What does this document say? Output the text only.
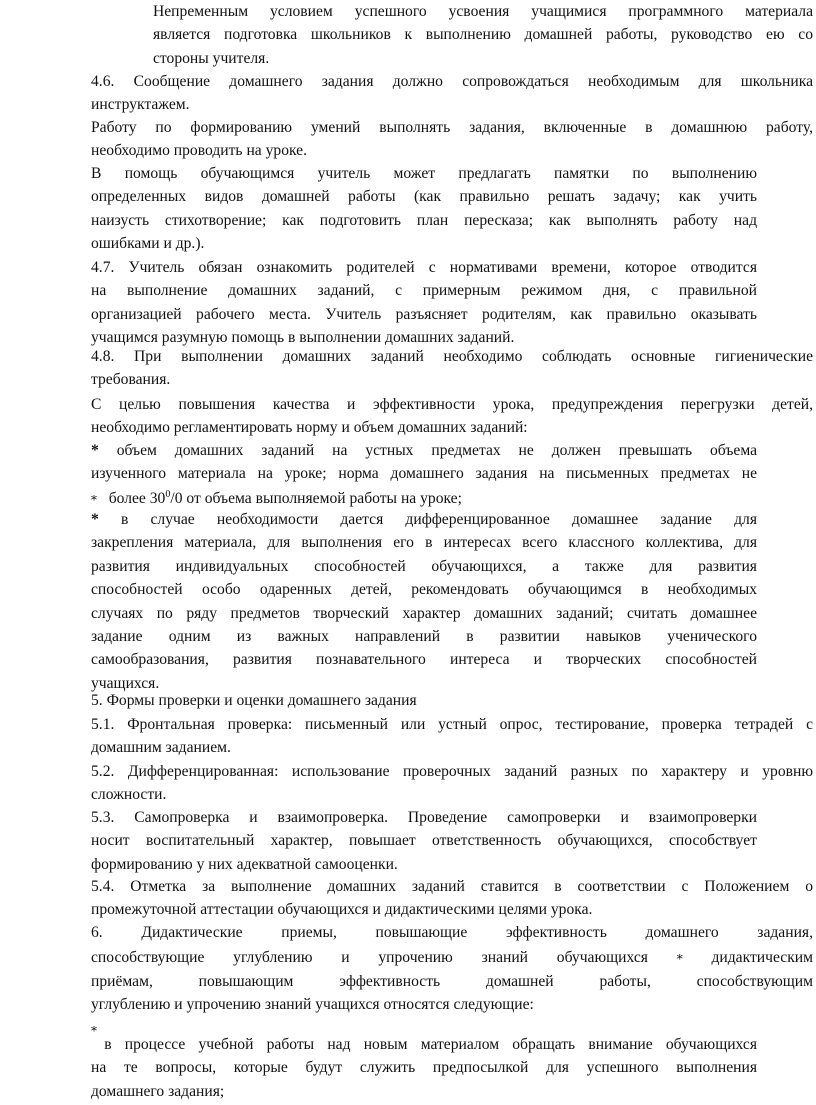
Непременным условием успешного усвоения учащимися программного материала
является подготовка школьников к выполнению домашней работы, руководство ею со
стороны учителя.
4.6. Сообщение домашнего задания должно сопровождаться необходимым для школьника
инструктажем.
Работу по формированию умений выполнять задания, включенные в домашнюю работу,
необходимо проводить на уроке.
В помощь обучающимся учитель может предлагать памятки по выполнению
определенных видов домашней работы (как правильно решать задачу; как учить
наизусть стихотворение; как подготовить план пересказа; как выполнять работу над
ошибками и др.).
4.7. Учитель обязан ознакомить родителей с нормативами времени, которое отводится
на выполнение домашних заданий, с примерным режимом дня, с правильной
организацией рабочего места. Учитель разъясняет родителям, как правильно оказывать
учащимся разумную помощь в выполнении домашних заданий.
4.8. При выполнении домашних заданий необходимо соблюдать основные гигиенические
требования.
С целью повышения качества и эффективности урока, предупреждения перегрузки детей,
необходимо регламентировать норму и объем домашних заданий:
* объем домашних заданий на устных предметах не должен превышать объема
изученного материала на уроке; норма домашнего задания на письменных предметах не
⁎ более $30^0/0$ от объема выполняемой работы на уроке;
* в случае необходимости дается дифференцированное домашнее задание для
закрепления материала, для выполнения его в интересах всего классного коллектива, для
развития индивидуальных способностей обучающихся, а также для развития
способностей особо одаренных детей, рекомендовать обучающимся в необходимых
случаях по ряду предметов творческий характер домашних заданий; считать домашнее
задание одним из важных направлений в развитии навыков ученического
самообразования, развития познавательного интереса и творческих способностей
учащихся.
5. Формы проверки и оценки домашнего задания
5.1. Фронтальная проверка: письменный или устный опрос, тестирование, проверка тетрадей с
домашним заданием.
5.2. Дифференцированная: использование проверочных заданий разных по характеру и уровню
сложности.
5.3. Самопроверка и взаимопроверка. Проведение самопроверки и взаимопроверки
носит воспитательный характер, повышает ответственность обучающихся, способствует
формированию у них адекватной самооценки.
5.4. Отметка за выполнение домашних заданий ставится в соответствии с Положением о
промежуточной аттестации обучающихся и дидактическими целями урока.
6. Дидактические приемы, повышающие эффективность домашнего задания,
способствующие углублению и упрочению знаний обучающихся ⁎ дидактическим
приёмам, повышающим эффективность домашней работы, способствующим
углублению и упрочению знаний учащихся относятся следующие:
⁎
в процессе учебной работы над новым материалом обращать внимание обучающихся
на те вопросы, которые будут служить предпосылкой для успешного выполнения
домашнего задания;
